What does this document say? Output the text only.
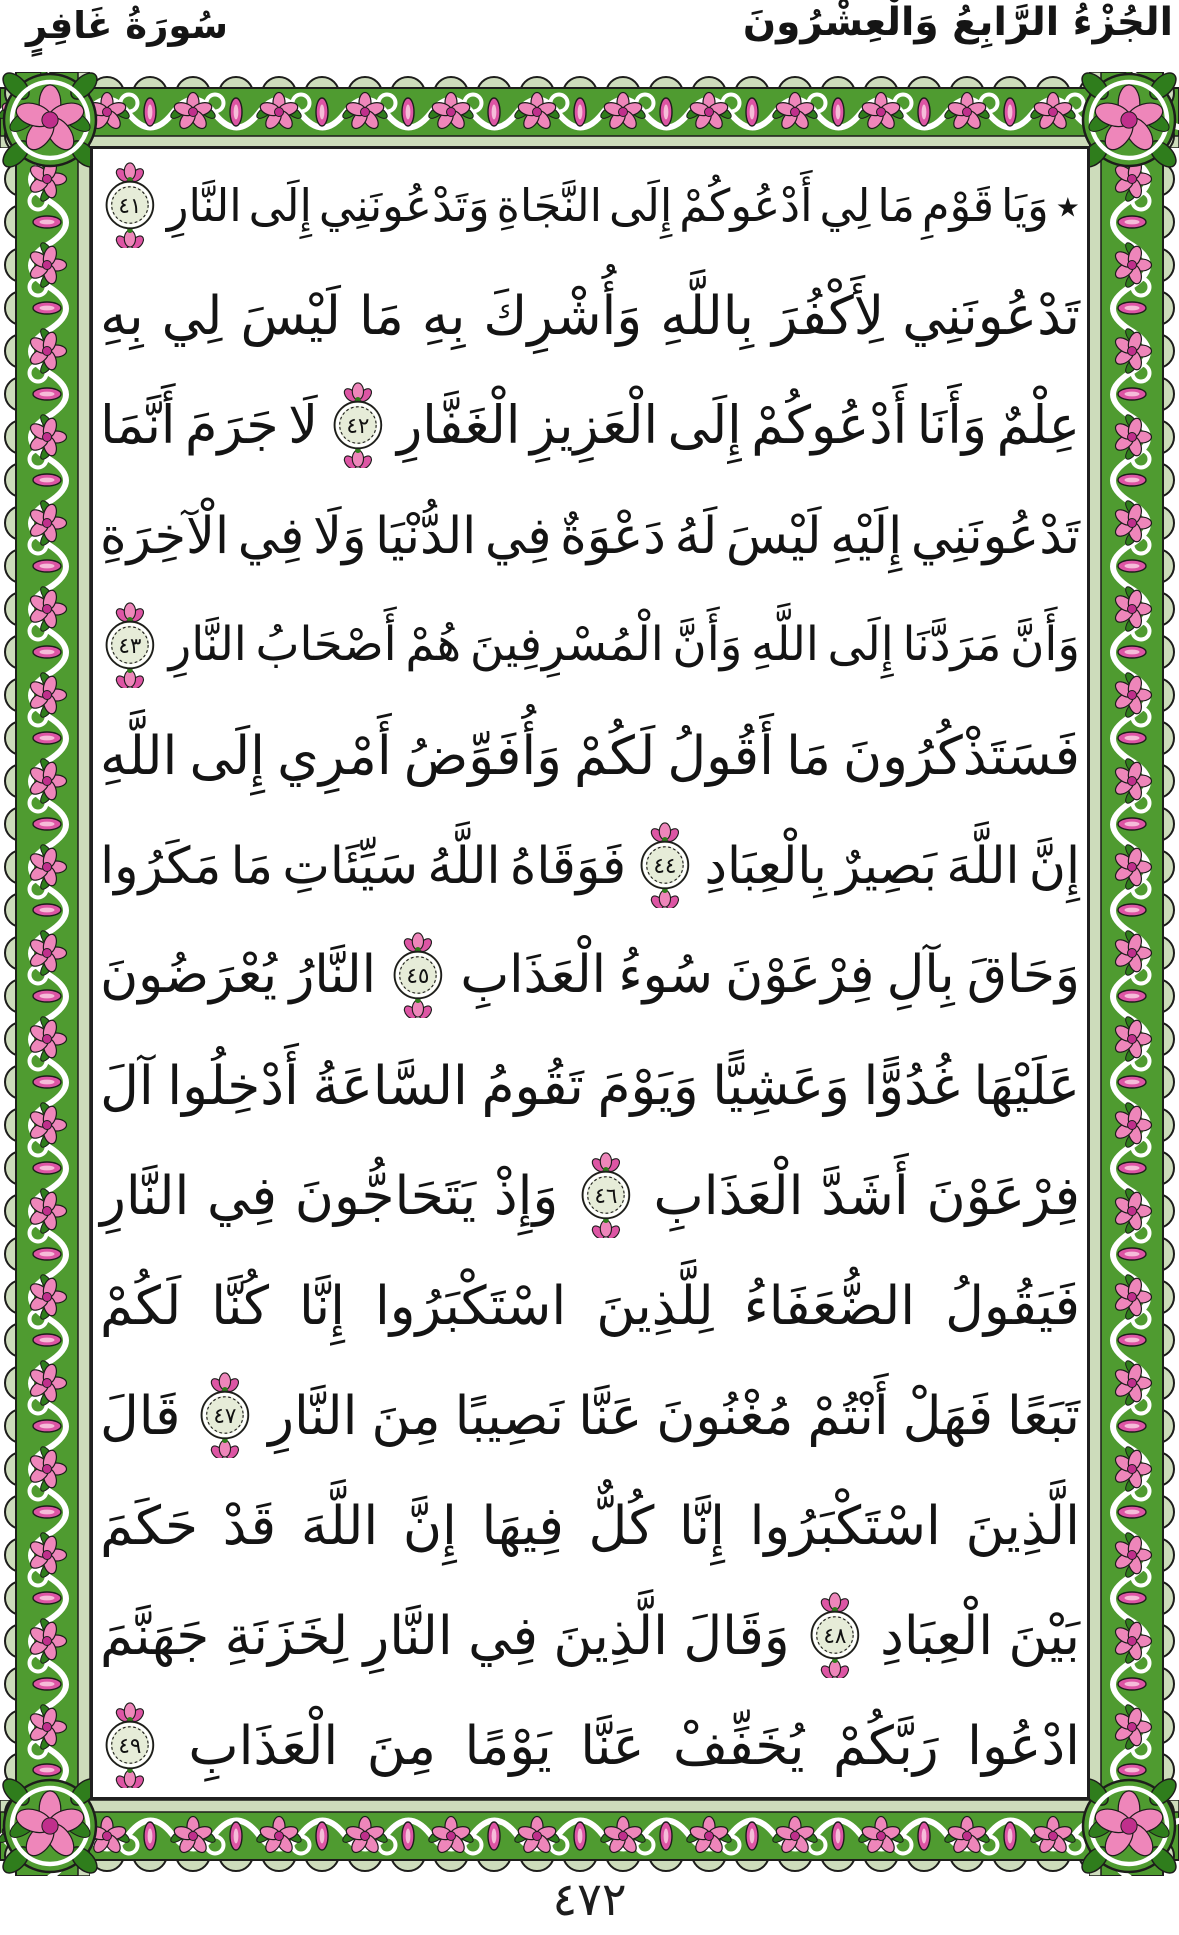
الجُزْءُ الرَّابِعُ وَالْعِشْرُونَ
سُورَةُ غَافِرٍ
٭
وَيَا
قَوْمِ
مَا
لِي
أَدْعُوكُمْ
إِلَى
النَّجَاةِ
وَتَدْعُونَنِي
إِلَى
النَّارِ
٤١
تَدْعُونَنِي
لِأَكْفُرَ
بِاللَّهِ
وَأُشْرِكَ
بِهِ
مَا
لَيْسَ
لِي
بِهِ
عِلْمٌ
وَأَنَا
أَدْعُوكُمْ
إِلَى
الْعَزِيزِ
الْغَفَّارِ
٤٢
لَا
جَرَمَ
أَنَّمَا
تَدْعُونَنِي
إِلَيْهِ
لَيْسَ
لَهُ
دَعْوَةٌ
فِي
الدُّنْيَا
وَلَا
فِي
الْآخِرَةِ
وَأَنَّ
مَرَدَّنَا
إِلَى
اللَّهِ
وَأَنَّ
الْمُسْرِفِينَ
هُمْ
أَصْحَابُ
النَّارِ
٤٣
فَسَتَذْكُرُونَ
مَا
أَقُولُ
لَكُمْ
وَأُفَوِّضُ
أَمْرِي
إِلَى
اللَّهِ
إِنَّ
اللَّهَ
بَصِيرٌ
بِالْعِبَادِ
٤٤
فَوَقَاهُ
اللَّهُ
سَيِّئَاتِ
مَا
مَكَرُوا
وَحَاقَ
بِآلِ
فِرْعَوْنَ
سُوءُ
الْعَذَابِ
٤٥
النَّارُ
يُعْرَضُونَ
عَلَيْهَا
غُدُوًّا
وَعَشِيًّا
وَيَوْمَ
تَقُومُ
السَّاعَةُ
أَدْخِلُوا
آلَ
فِرْعَوْنَ
أَشَدَّ
الْعَذَابِ
٤٦
وَإِذْ
يَتَحَاجُّونَ
فِي
النَّارِ
فَيَقُولُ
الضُّعَفَاءُ
لِلَّذِينَ
اسْتَكْبَرُوا
إِنَّا
كُنَّا
لَكُمْ
تَبَعًا
فَهَلْ
أَنْتُمْ
مُغْنُونَ
عَنَّا
نَصِيبًا
مِنَ
النَّارِ
٤٧
قَالَ
الَّذِينَ
اسْتَكْبَرُوا
إِنَّا
كُلٌّ
فِيهَا
إِنَّ
اللَّهَ
قَدْ
حَكَمَ
بَيْنَ
الْعِبَادِ
٤٨
وَقَالَ
الَّذِينَ
فِي
النَّارِ
لِخَزَنَةِ
جَهَنَّمَ
ادْعُوا
رَبَّكُمْ
يُخَفِّفْ
عَنَّا
يَوْمًا
مِنَ
الْعَذَابِ
٤٩
٤٧٢
